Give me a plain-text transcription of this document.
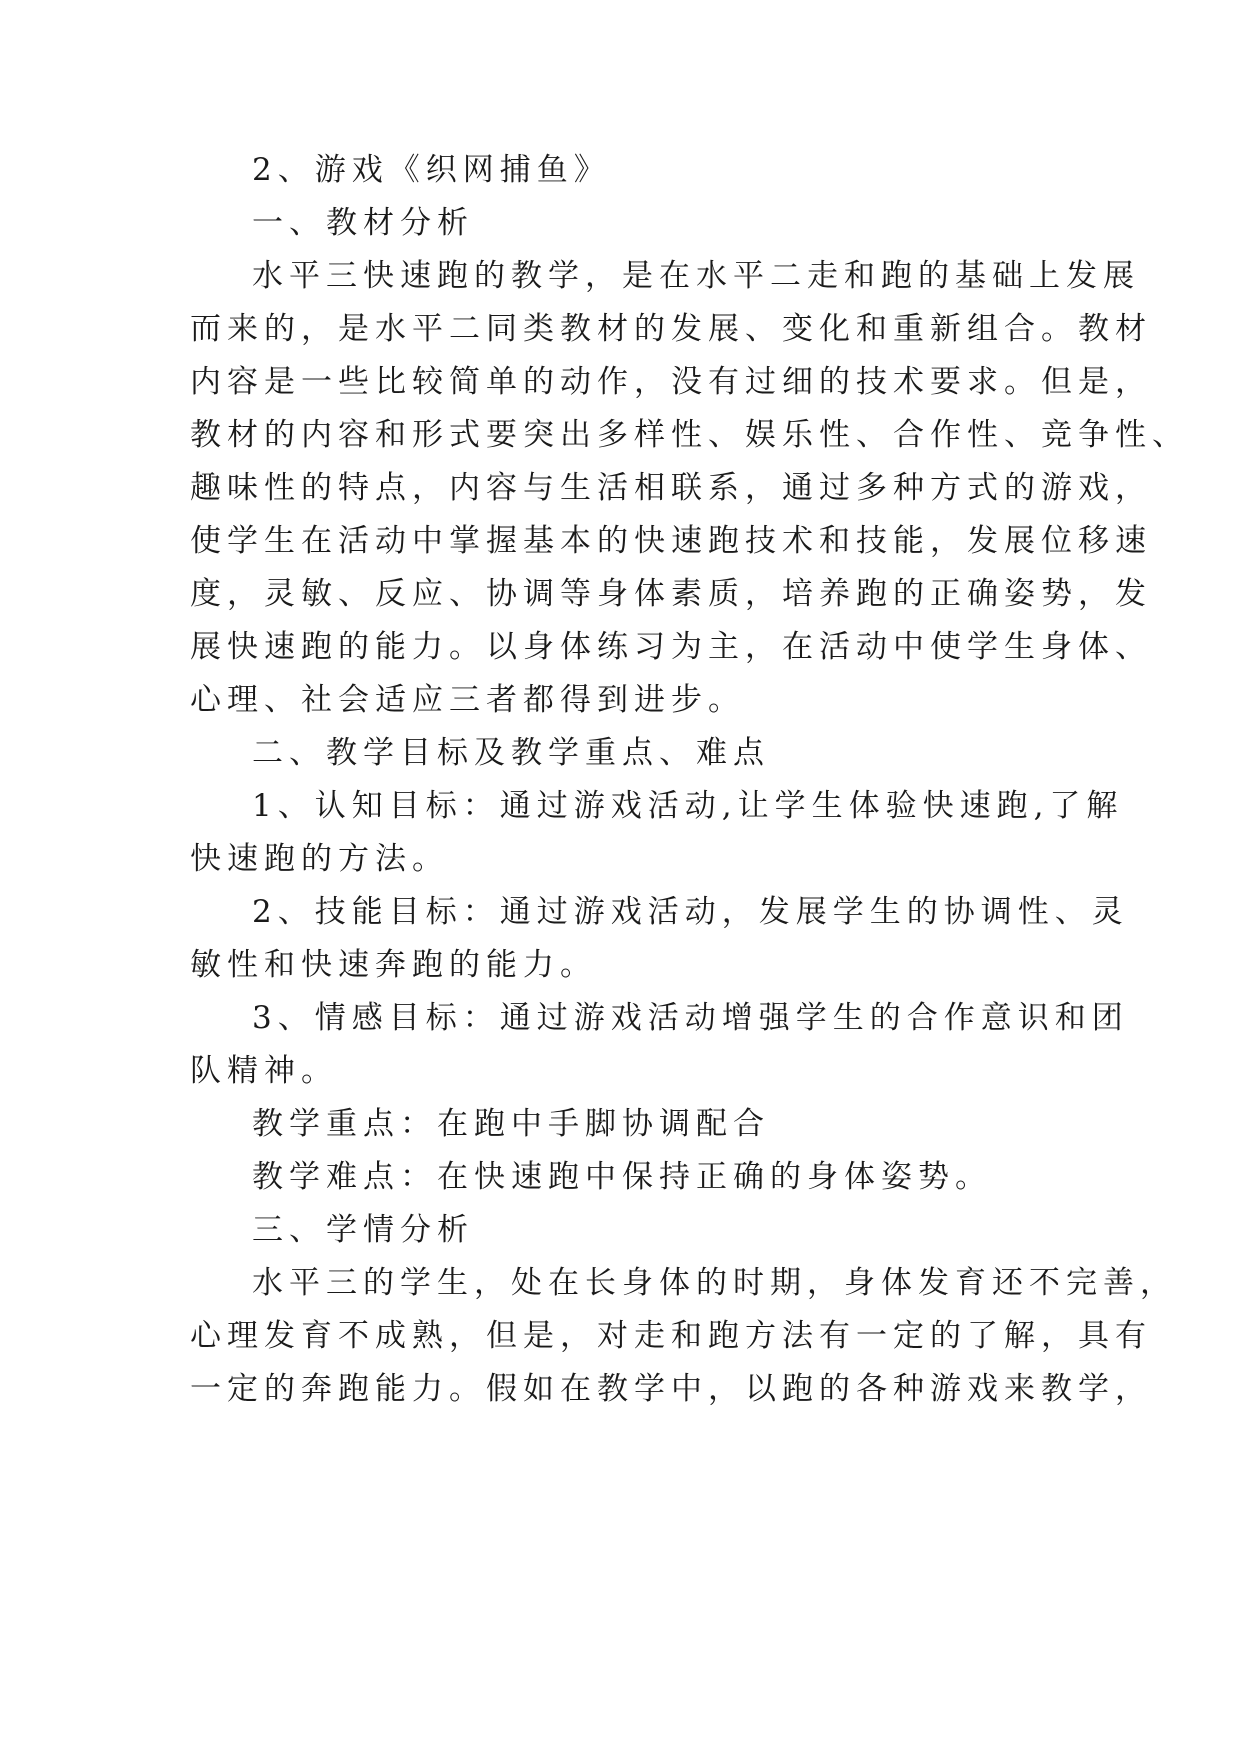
2、游戏《织网捕鱼》
一、教材分析
水平三快速跑的教学，是在水平二走和跑的基础上发展
而来的，是水平二同类教材的发展、变化和重新组合。教材
内容是一些比较简单的动作，没有过细的技术要求。但是，
教材的内容和形式要突出多样性、娱乐性、合作性、竞争性、
趣味性的特点，内容与生活相联系，通过多种方式的游戏，
使学生在活动中掌握基本的快速跑技术和技能，发展位移速
度，灵敏、反应、协调等身体素质，培养跑的正确姿势，发
展快速跑的能力。以身体练习为主，在活动中使学生身体、
心理、社会适应三者都得到进步。
二、教学目标及教学重点、难点
1、认知目标：通过游戏活动,让学生体验快速跑,了解
快速跑的方法。
2、技能目标：通过游戏活动，发展学生的协调性、灵
敏性和快速奔跑的能力。
3、情感目标：通过游戏活动增强学生的合作意识和团
队精神。
教学重点：在跑中手脚协调配合
教学难点：在快速跑中保持正确的身体姿势。
三、学情分析
水平三的学生，处在长身体的时期，身体发育还不完善，
心理发育不成熟，但是，对走和跑方法有一定的了解，具有
一定的奔跑能力。假如在教学中，以跑的各种游戏来教学，
